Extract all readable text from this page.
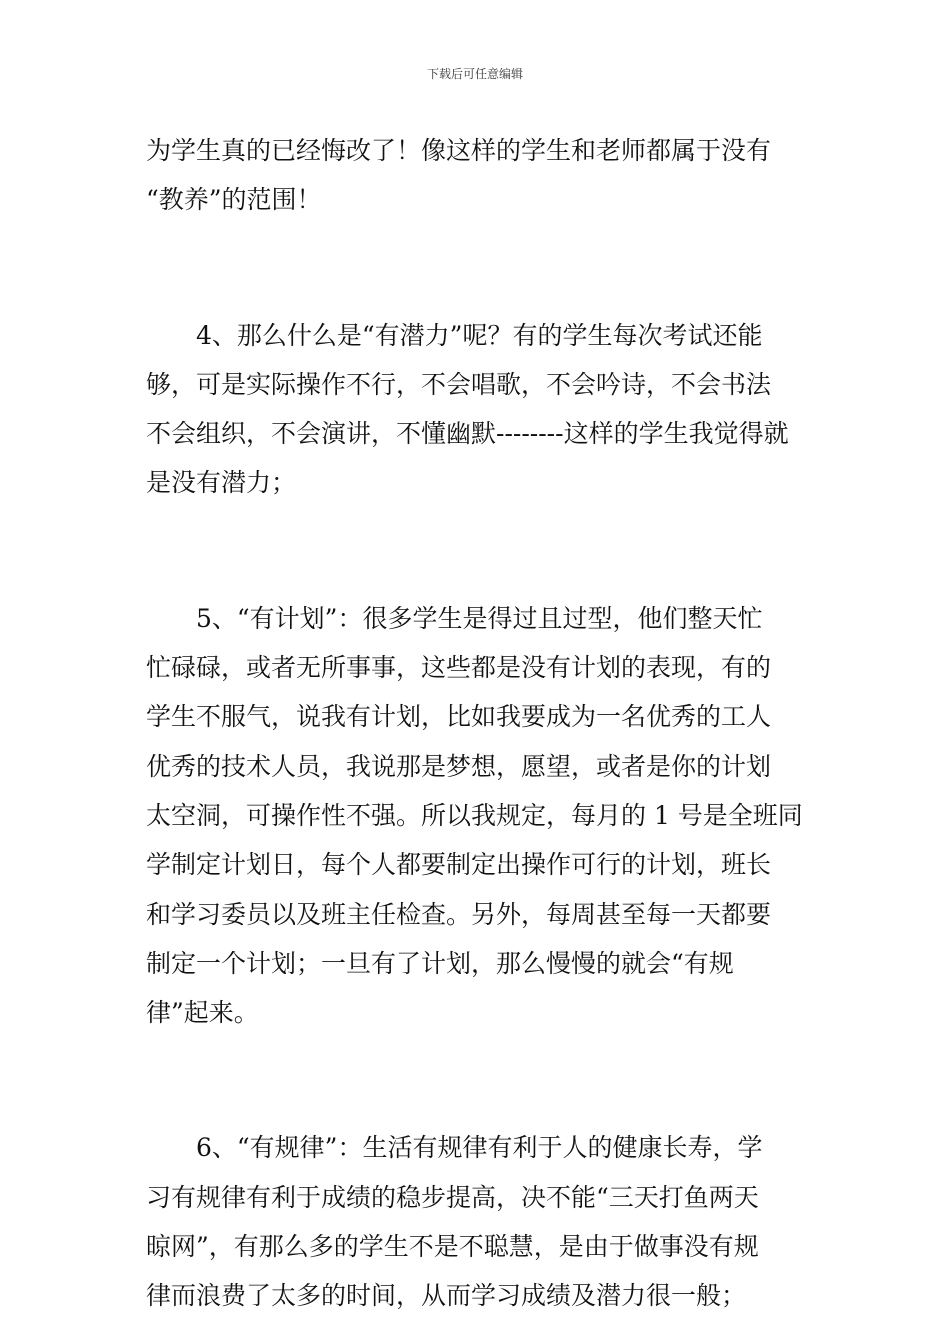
下载后可任意编辑
为学生真的已经悔改了！像这样的学生和老师都属于没有
“教养”的范围！
4、那么什么是“有潜力”呢？有的学生每次考试还能
够，可是实际操作不行，不会唱歌，不会吟诗，不会书法
不会组织，不会演讲，不懂幽默--------这样的学生我觉得就
是没有潜力；
5、“有计划”：很多学生是得过且过型，他们整天忙
忙碌碌，或者无所事事，这些都是没有计划的表现，有的
学生不服气，说我有计划，比如我要成为一名优秀的工人
优秀的技术人员，我说那是梦想，愿望，或者是你的计划
太空洞，可操作性不强。所以我规定，每月的 1 号是全班同
学制定计划日，每个人都要制定出操作可行的计划，班长
和学习委员以及班主任检查。另外，每周甚至每一天都要
制定一个计划；一旦有了计划，那么慢慢的就会“有规
律”起来。
6、“有规律”：生活有规律有利于人的健康长寿，学
习有规律有利于成绩的稳步提高，决不能“三天打鱼两天
晾网”，有那么多的学生不是不聪慧，是由于做事没有规
律而浪费了太多的时间，从而学习成绩及潜力很一般；
